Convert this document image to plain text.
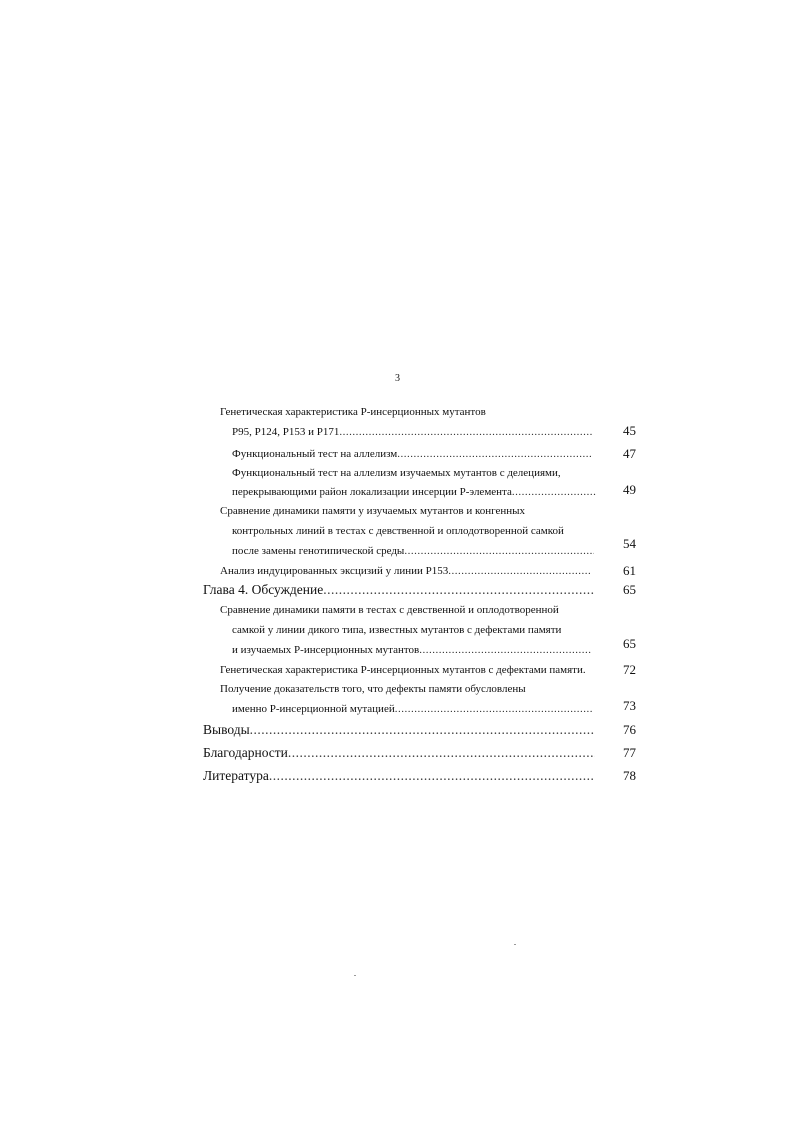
3
Генетическая характеристика Р-инсерционных мутантов
Р95, Р124, Р153 и Р171 .....	45
Функциональный тест на аллелизм .....	47
Функциональный тест на аллелизм изучаемых мутантов с делециями,
перекрывающими район локализации инсерции Р-элемента .....	49
Сравнение динамики памяти у изучаемых мутантов и конгенных
контрольных линий в тестах с девственной и оплодотворенной самкой
после замены генотипической среды .....	54
Анализ индуцированных эксцизий у линии Р153 .....	61
Глава 4. Обсуждение .....	65
Сравнение динамики памяти в тестах с девственной и оплодотворенной
самкой у линии дикого типа, известных мутантов с дефектами памяти
и изучаемых Р-инсерционных мутантов .....	65
Генетическая характеристика Р-инсерционных мутантов с дефектами памяти.	72
Получение доказательств того, что дефекты памяти обусловлены
именно Р-инсерционной мутацией .....	73
Выводы .....	76
Благодарности .....	77
Литература .....	78
